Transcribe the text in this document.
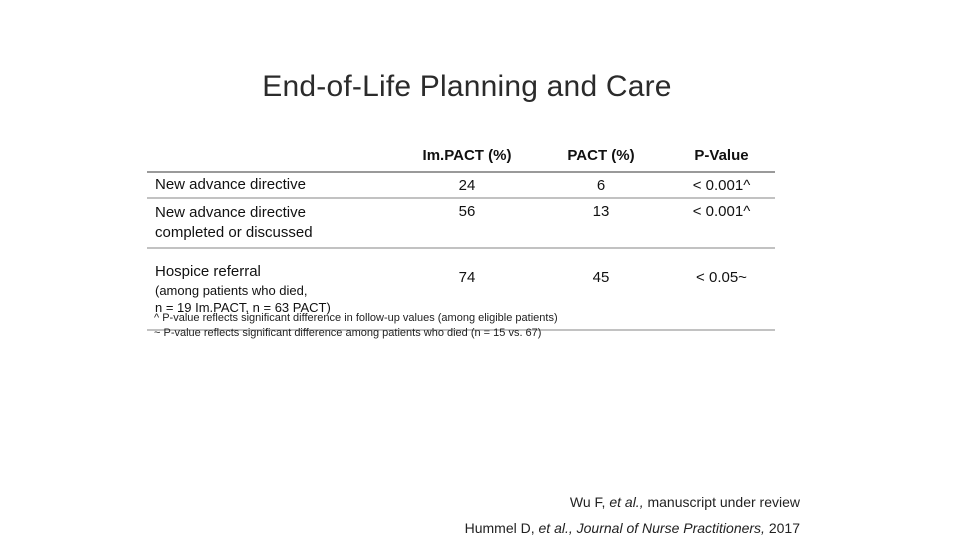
End-of-Life Planning and Care
	Im.PACT (%)	PACT (%)	P-Value

New advance directive	24	6	< 0.001^

New advance directive
completed or discussed	56	13	< 0.001^

Hospice referral
(among patients who died,
n = 19 Im.PACT, n = 63 PACT)	74	45	< 0.05~
^ P-value reflects significant difference in follow-up values (among eligible patients)
~ P-value reflects significant difference among patients who died (n = 15 vs. 67)
Wu F, et al., manuscript under review
Hummel D, et al., Journal of Nurse Practitioners, 2017
